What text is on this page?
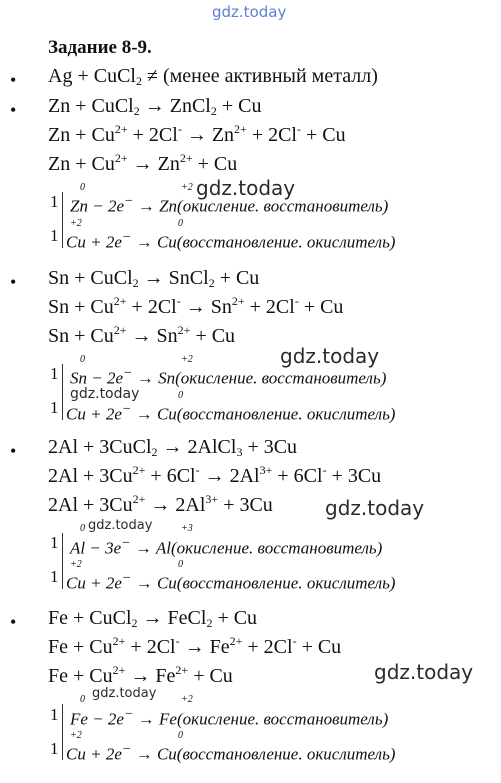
gdz.today
gdz.today
gdz.today
gdz.today
gdz.today
gdz.today
gdz.today
gdz.today
Задание 8-9.
• Ag + CuCl$_2$ ≠ (менее активный металл)
• Zn + CuCl$_2$ → ZnCl$_2$ + Cu
$Zn + Cu^{2+} + 2Cl^- \to Zn^{2+} + 2Cl^- + Cu$
$Zn + Cu^{2+} \to Zn^{2+} + Cu$
1
1
0	+2
Zn − 2e− → Zn(окисление. восстановитель)
+2	0
Cu + 2e− → Cu(восстановление. окислитель)
• Sn + CuCl$_2$ → SnCl$_2$ + Cu
$Sn + Cu^{2+} + 2Cl^- \to Sn^{2+} + 2Cl^- + Cu$
$Sn + Cu^{2+} \to Sn^{2+} + Cu$
1
1
0	+2
Sn − 2e− → Sn(окисление. восстановитель)
0
Cu + 2e− → Cu(восстановление. окислитель)
• 2Al + 3CuCl$_2$ → 2AlCl$_3$ + 3Cu
$2Al + 3Cu^{2+} + 6Cl^- \to 2Al^{3+} + 6Cl^- + 3Cu$
$2Al + 3Cu^{2+} \to 2Al^{3+} + 3Cu$
1
1
0	+3
Al − 3e− → Al(окисление. восстановитель)
+2	0
Cu + 2e− → Cu(восстановление. окислитель)
• Fe + CuCl$_2$ → FeCl$_2$ + Cu
$Fe + Cu^{2+} + 2Cl^- \to Fe^{2+} + 2Cl^- + Cu$
$Fe + Cu^{2+} \to Fe^{2+} + Cu$
1
1
0	+2
Fe − 2e− → Fe(окисление. восстановитель)
+2	0
Cu + 2e− → Cu(восстановление. окислитель)
